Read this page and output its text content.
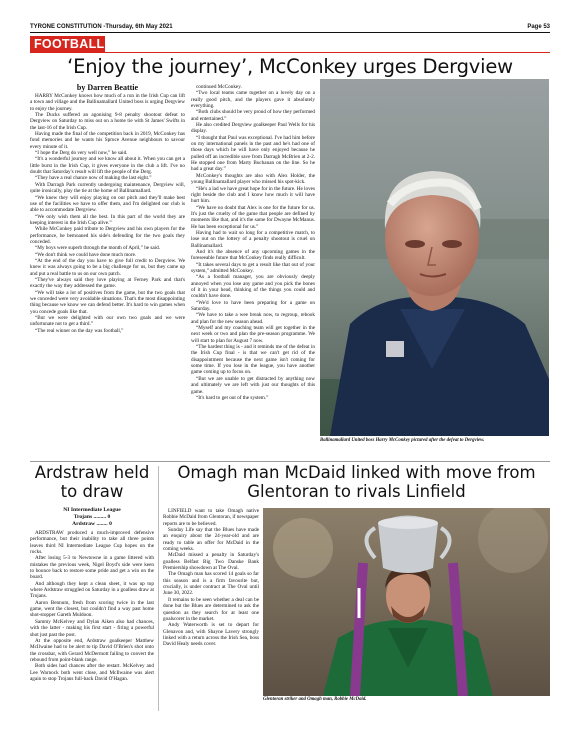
TYRONE CONSTITUTION -Thursday, 6th May 2021	Page 53
FOOTBALL
‘Enjoy the journey’, McConkey urges Dergview
by Darren Beattie

HARRY McConkey knows how much of a run in the Irish Cup can lift a town and village and the Ballinamallard United boss is urging Dergview to enjoy the journey.

The Ducks suffered an agonising 9-8 penalty shootout defeat to Dergview on Saturday to miss out on a home tie with St James' Swifts in the last-16 of the Irish Cup.

Having made the final of the competition back in 2019, McConkey has fond memories and he wants his Spruce Avenue neighbours to savour every minute of it.

“I hope the Derg do very well now,” he said.

“It's a wonderful journey and we know all about it. When you can get a little burst in the Irish Cup, it gives everyone in the club a lift. I've no doubt that Saturday's result will lift the people of the Derg.

“They have a real chance now of making the last eight.”

With Darragh Park currently undergoing maintenance, Dergview will, quite ironically, play the tie at the home of Ballinamallard.

“We knew they will enjoy playing on our pitch and they'll make best use of the facilities we have to offer them, and I'm delighted our club is able to accommodate Dergview.

“We only wish them all the best. In this part of the world they are keeping interest in the Irish Cup alive.”

While McConkey paid tribute to Dergview and his own players for the performance, he bemoaned his side's defending for the two goals they conceded.

“My boys were superb through the month of April,” he said.

“We don't think we could have done much more.

“At the end of the day you have to give full credit to Dergview. We knew it was always going to be a big challenge for us, but they came up and put a real battle to us on our own patch.

“They've always said they love playing at Ferney Park and that's exactly the way they addressed the game.

“We will take a lot of positives from the game, but the two goals that we conceded were very avoidable situations. That's the most disappointing thing because we know we can defend better. It's hard to win games when you concede goals like that.

“But we were delighted with our own two goals and we were unfortunate not to get a third.”

“The real winner on the day was football,”

continued McConkey.

“Two local teams came together on a lovely day on a really good pitch, and the players gave it absolutely everything.

“Both clubs should be very proud of how they performed and entertained.”

He also credited Dergview goalkeeper Paul Wells for his display.

“I thought that Paul was exceptional. I've had him before on my international panels in the past and he's had one of those days which he will have only enjoyed because he pulled off an incredible save from Darragh McBrien at 2-2. He stopped one from Marty Buchanan on the line. So he had a great day.”

McConkey's thoughts are also with Alex Holder, the young Ballinamallard player who missed his spot-kick.

“He's a lad we have great hope for in the future. He loves right beside the club and I know how much it will have hurt him.

“We have no doubt that Alex is one for the future for us. It's just the cruelty of the game that people are defined by moments like that, and it's the same for Dwayne McManus. He has been exceptional for us.”

Having had to wait so long for a competitive match, to lose out on the lottery of a penalty shootout is cruel on Ballinamallard.

And it's the absence of any upcoming games in the foreseeable future that McConkey finds really difficult.

“It takes several days to get a result like that out of your system,” admitted McConkey.

“As a football manager, you are obviously deeply annoyed when you lose any game and you pick the bones of it in your head, thinking of the things you could and couldn't have done.

“We'd love to have been preparing for a game on Saturday.

“We have to take a wee break now, to regroup, rebook and plan for the new season ahead.

“Myself and my coaching team will get together in the next week or two and plan the pre-season programme. We will start to plan for August 7 now.

“The hardest thing is - and it reminds me of the defeat in the Irish Cup final - is that we can't get rid of the disappointment because the next game isn't coming for some time. If you lose in the league, you have another game coming up to focus on.

“But we are unable to get distracted by anything now and ultimately we are left with just our thoughts of this game.

“It's hard to get out of the system.”

Ballinamallard United boss Harry McConkey pictured after the defeat to Dergview.
Ardstraw held to draw
Omagh man McDaid linked with move from Glentoran to rivals Linfield
NI Intermediate League
Trojans ......... 0
Ardstraw ........ 0

ARDSTRAW produced a much-improved defensive performance, but their inability to take all three points leaves third NI Intermediate League Cup hopes on the rocks.

After losing 5-3 to Newtowne in a game littered with mistakes the previous week, Nigel Boyd's side were keen to bounce back to restore some pride and get a win on the board.

And although they kept a clean sheet, it was up top where Ardstraw struggled on Saturday in a goalless draw at Trojans.

Aaron Bennum, fresh from scoring twice in the last game, went the closest, but couldn't find a way past home shot-stopper Gareth Muldoon.

Sammy McKelvey and Dylan Aiken also had chances, with the latter - making his first start - firing a powerful shot just past the post.

At the opposite end, Ardstraw goalkeeper Matthew McIlwaine had to be alert to tip David O'Brien's shot onto the crossbar, with Gerard McDermott failing to convert the rebound from point-blank range.

Both sides had chances after the restart. McKelvey and Lee Warnock both went close, and McIlwaine was alert again to stop Trojans full-back David O'Hagan.

LINFIELD want to take Omagh native Robbie McDaid from Glentoran, if newspaper reports are to be believed.

Sunday Life say that the Blues have made an enquiry about the 24-year-old and are ready to table an offer for McDaid in the coming weeks.

McDaid missed a penalty in Saturday's goalless Belfast Big Two Danske Bank Premiership showdown at The Oval.

The Omagh man has scored 14 goals so far this season and is a firm favourite but, crucially, is under contract at The Oval until June 30, 2022.

It remains to be seen whether a deal can be done but the Blues are determined to ask the question as they search for at least one goalscorer in the market.

Andy Waterworth is set to depart for Glenavon and, with Shayne Lavery strongly linked with a return across the Irish Sea, boss David Healy needs cover.

Glentoran striker and Omagh man, Robbie McDaid.
